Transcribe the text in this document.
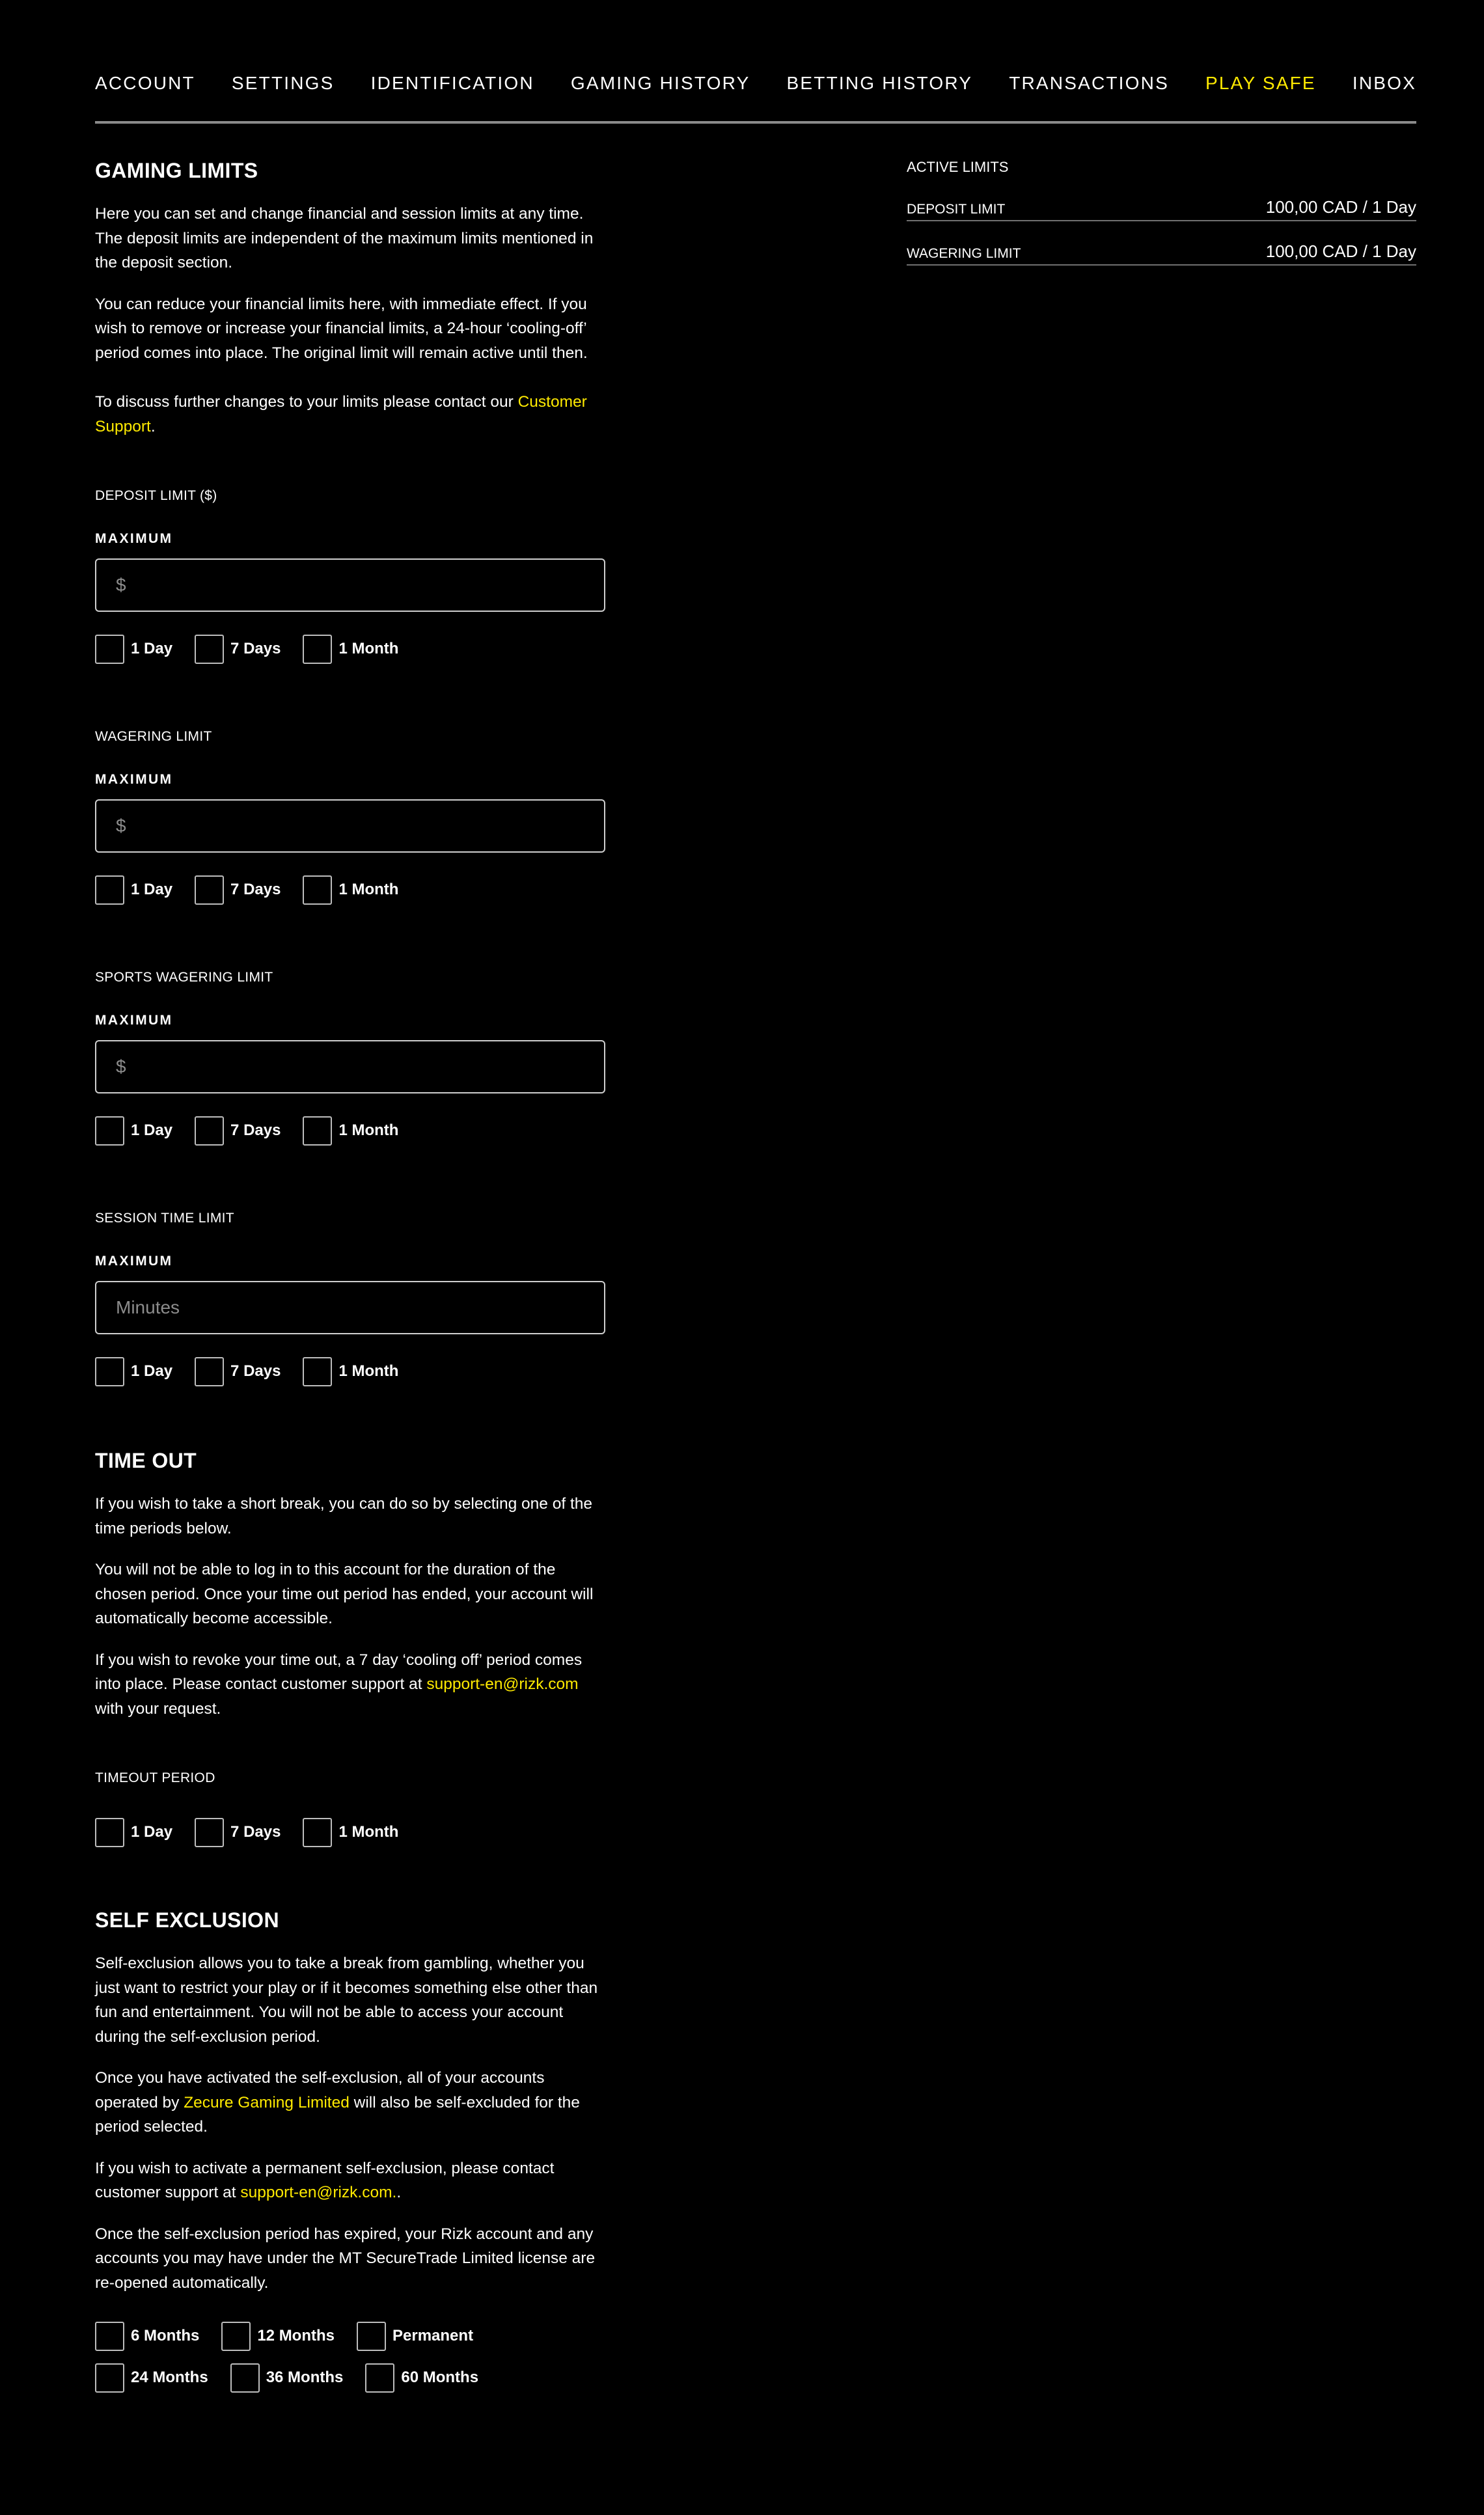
ACCOUNT SETTINGS IDENTIFICATION GAMING HISTORY BETTING HISTORY TRANSACTIONS PLAY SAFE INBOX
GAMING LIMITS

Here you can set and change financial and session limits at any time. The deposit limits are independent of the maximum limits mentioned in the deposit section.

You can reduce your financial limits here, with immediate effect. If you wish to remove or increase your financial limits, a 24-hour ‘cooling-off’ period comes into place. The original limit will remain active until then.

To discuss further changes to your limits please contact our Customer Support.

DEPOSIT LIMIT ($)
MAXIMUM
$
1 Day	7 Days	1 Month
WAGERING LIMIT
MAXIMUM
$
1 Day	7 Days	1 Month
SPORTS WAGERING LIMIT
MAXIMUM
$
1 Day	7 Days	1 Month
SESSION TIME LIMIT
MAXIMUM
Minutes
1 Day	7 Days	1 Month
TIME OUT

If you wish to take a short break, you can do so by selecting one of the time periods below.

You will not be able to log in to this account for the duration of the chosen period. Once your time out period has ended, your account will automatically become accessible.

If you wish to revoke your time out, a 7 day ‘cooling off’ period comes into place. Please contact customer support at support-en@rizk.com with your request.

TIMEOUT PERIOD
1 Day	7 Days	1 Month
SELF EXCLUSION

Self-exclusion allows you to take a break from gambling, whether you just want to restrict your play or if it becomes something else other than fun and entertainment. You will not be able to access your account during the self-exclusion period.

Once you have activated the self-exclusion, all of your accounts operated by Zecure Gaming Limited will also be self-excluded for the period selected.

If you wish to activate a permanent self-exclusion, please contact customer support at support-en@rizk.com..

Once the self-exclusion period has expired, your Rizk account and any accounts you may have under the MT SecureTrade Limited license are re-opened automatically.

6 Months	12 Months	Permanent
24 Months	36 Months	60 Months
ACTIVE LIMITS
DEPOSIT LIMIT	100,00 CAD / 1 Day
WAGERING LIMIT	100,00 CAD / 1 Day
